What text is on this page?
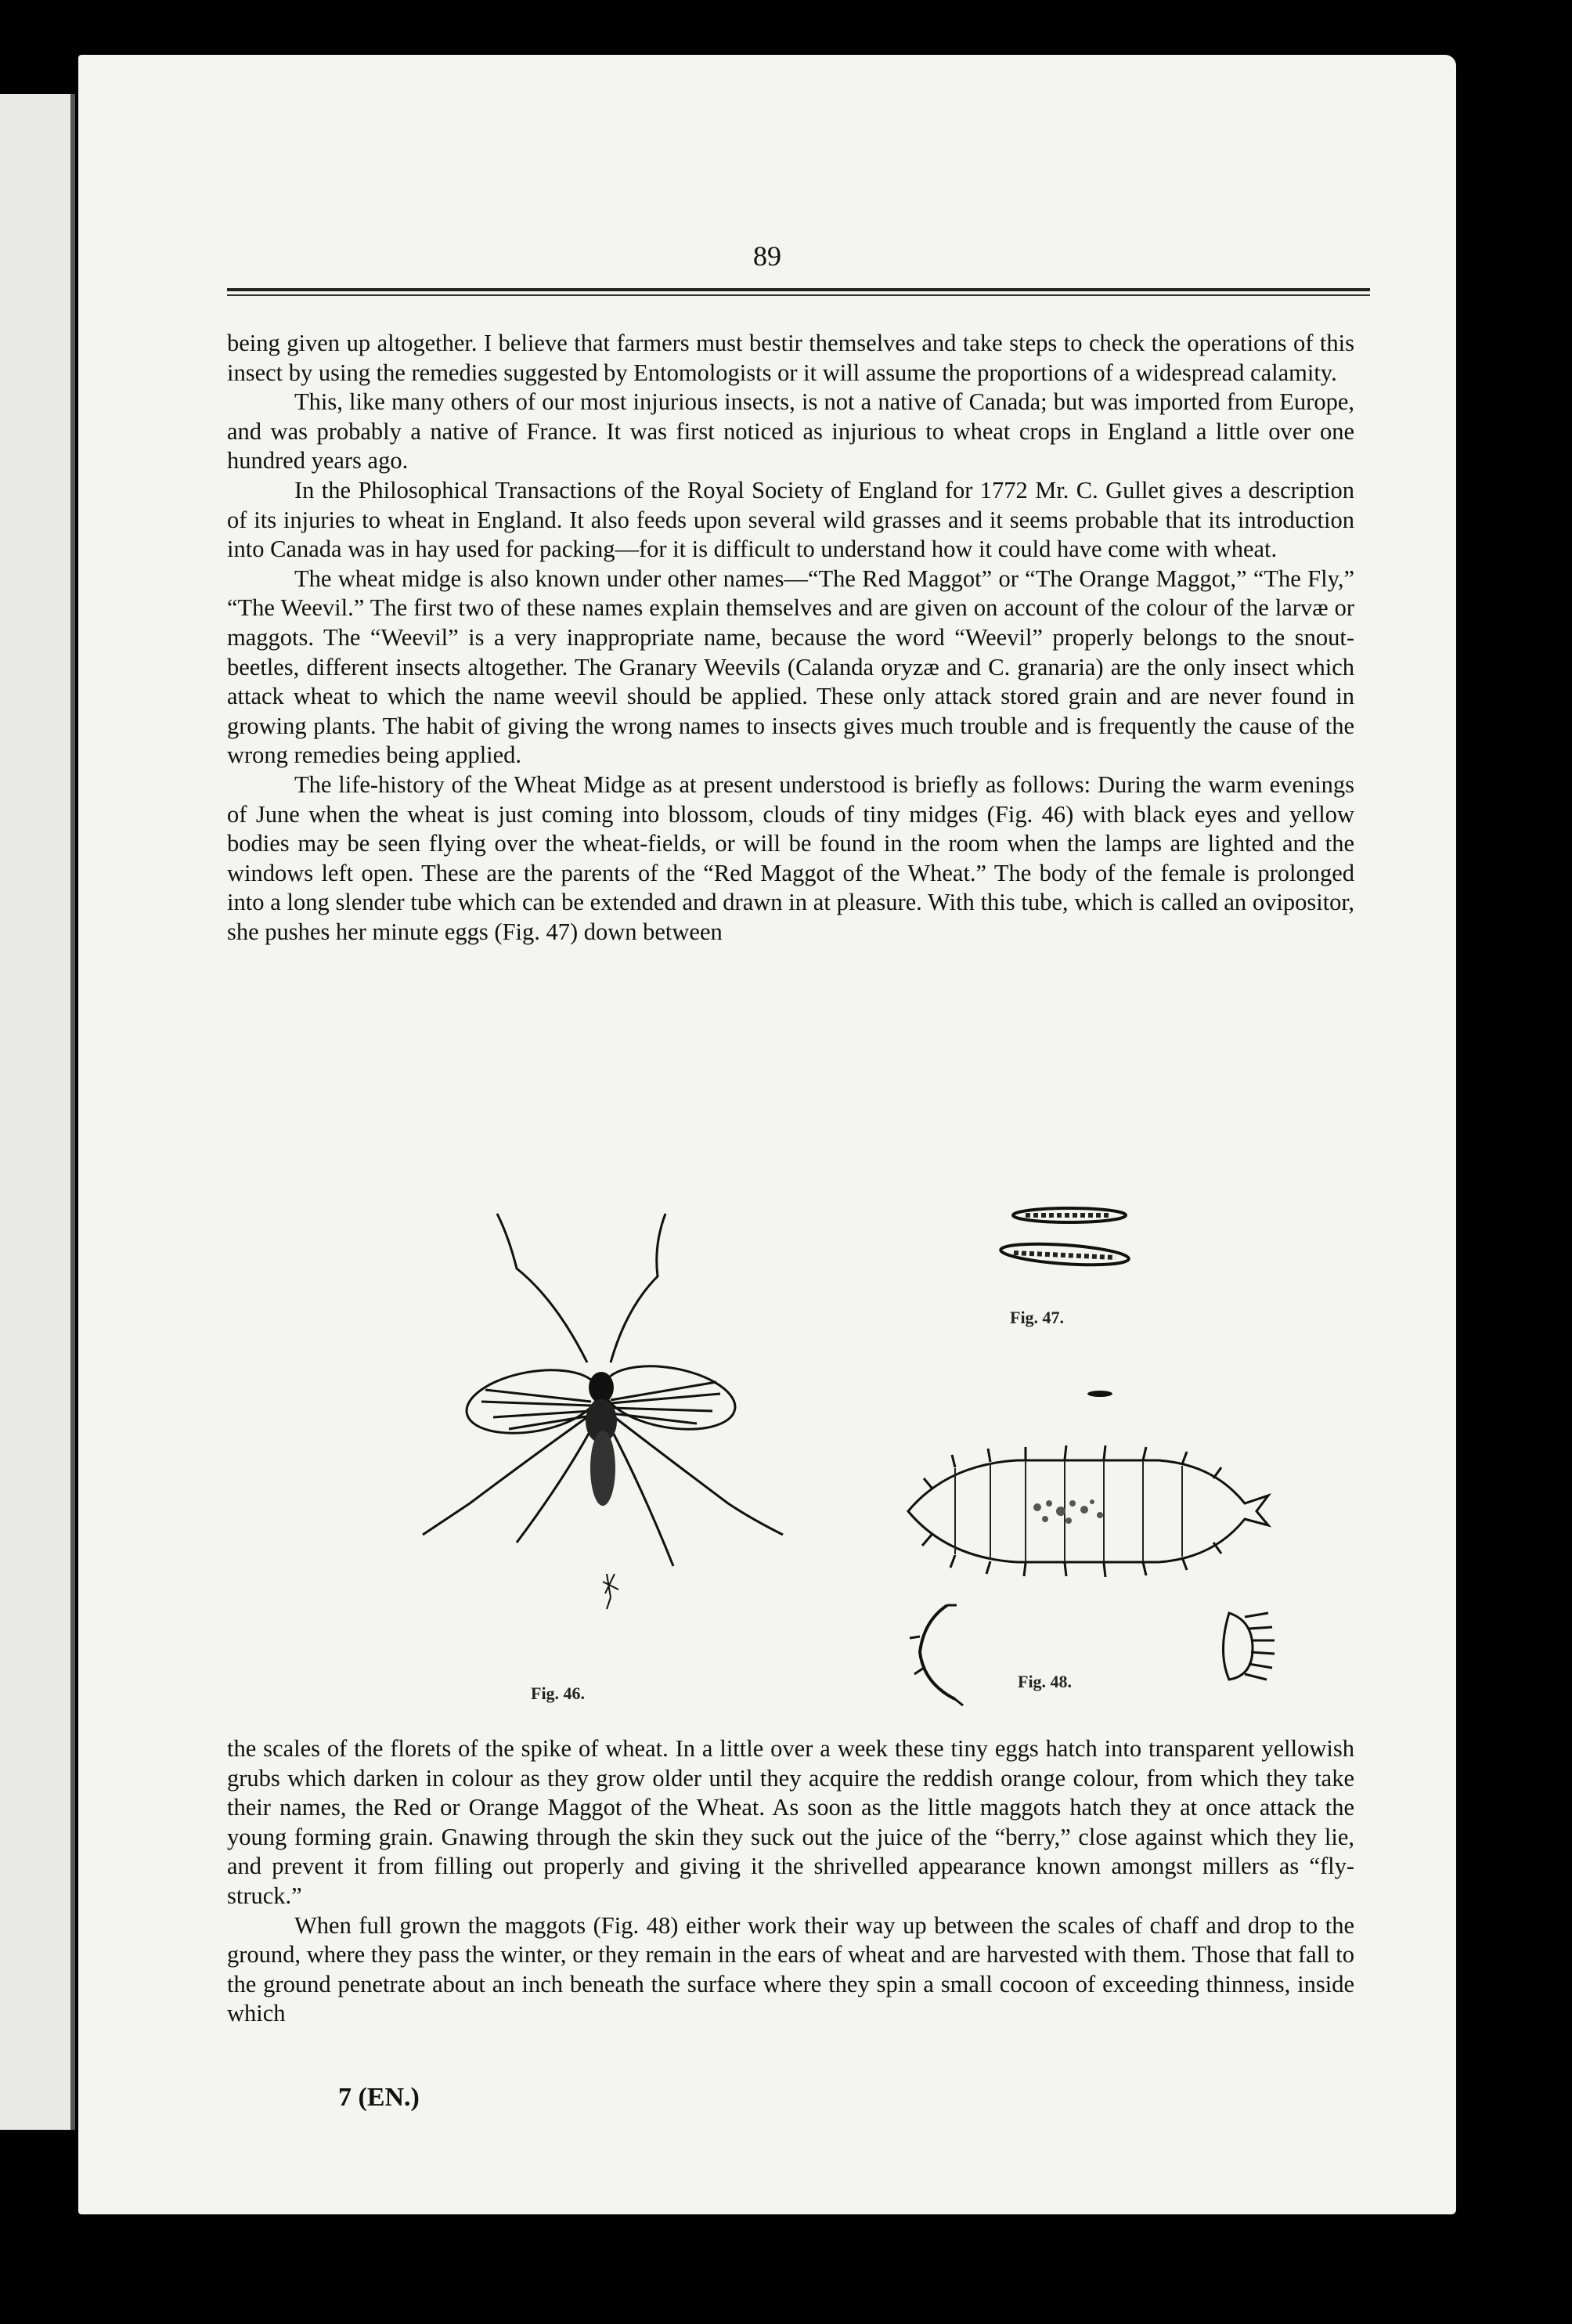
89

being given up altogether. I believe that farmers must bestir themselves and take steps to check the operations of this insect by using the remedies suggested by Entomologists or it will assume the proportions of a widespread calamity.

This, like many others of our most injurious insects, is not a native of Canada; but was imported from Europe, and was probably a native of France. It was first noticed as injurious to wheat crops in England a little over one hundred years ago.

In the Philosophical Transactions of the Royal Society of England for 1772 Mr. C. Gullet gives a description of its injuries to wheat in England. It also feeds upon several wild grasses and it seems probable that its introduction into Canada was in hay used for packing—for it is difficult to understand how it could have come with wheat.

The wheat midge is also known under other names—“The Red Maggot” or “The Orange Maggot,” “The Fly,” “The Weevil.” The first two of these names explain themselves and are given on account of the colour of the larvæ or maggots. The “Weevil” is a very inappropriate name, because the word “Weevil” properly belongs to the snout-beetles, different insects altogether. The Granary Weevils (Calanda oryzæ and C. granaria) are the only insect which attack wheat to which the name weevil should be applied. These only attack stored grain and are never found in growing plants. The habit of giving the wrong names to insects gives much trouble and is frequently the cause of the wrong remedies being applied.

The life-history of the Wheat Midge as at present understood is briefly as follows: During the warm evenings of June when the wheat is just coming into blossom, clouds of tiny midges (Fig. 46) with black eyes and yellow bodies may be seen flying over the wheat-fields, or will be found in the room when the lamps are lighted and the windows left open. These are the parents of the “Red Maggot of the Wheat.” The body of the female is prolonged into a long slender tube which can be extended and drawn in at pleasure. With this tube, which is called an ovipositor, she pushes her minute eggs (Fig. 47) down between

Fig. 46.
Fig. 47.
Fig. 48.

the scales of the florets of the spike of wheat. In a little over a week these tiny eggs hatch into transparent yellowish grubs which darken in colour as they grow older until they acquire the reddish orange colour, from which they take their names, the Red or Orange Maggot of the Wheat. As soon as the little maggots hatch they at once attack the young forming grain. Gnawing through the skin they suck out the juice of the “berry,” close against which they lie, and prevent it from filling out properly and giving it the shrivelled appearance known amongst millers as “fly-struck.”

When full grown the maggots (Fig. 48) either work their way up between the scales of chaff and drop to the ground, where they pass the winter, or they remain in the ears of wheat and are harvested with them. Those that fall to the ground penetrate about an inch beneath the surface where they spin a small cocoon of exceeding thinness, inside which

7 (EN.)
